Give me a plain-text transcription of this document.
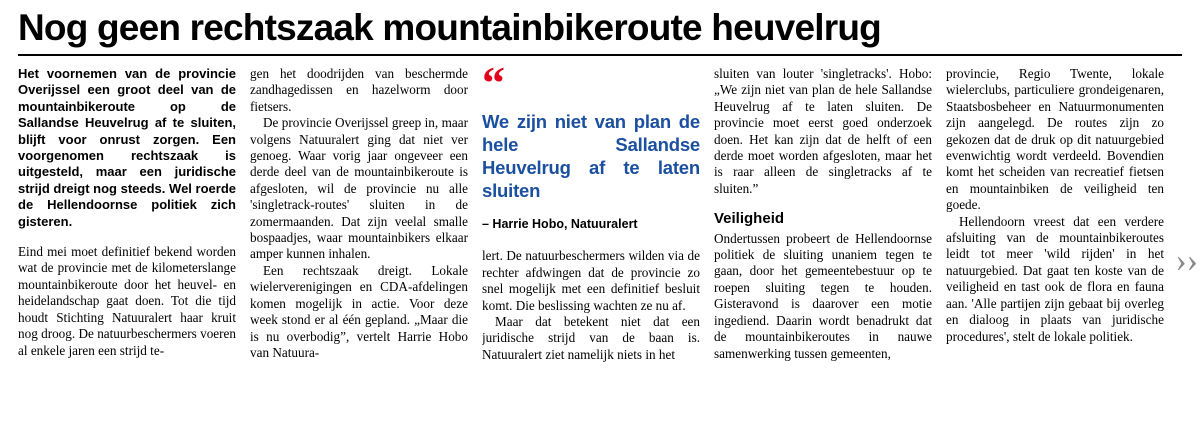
Nog geen rechtszaak mountainbikeroute heuvelrug

Het voornemen van de provincie Overijssel een groot deel van de mountainbikeroute op de Sallandse Heuvelrug af te sluiten, blijft voor onrust zorgen. Een voorgenomen rechtszaak is uitgesteld, maar een juridische strijd dreigt nog steeds. Wel roerde de Hellendoornse politiek zich gisteren.

Eind mei moet definitief bekend worden wat de provincie met de kilometerslange mountainbikeroute door het heuvel- en heidelandschap gaat doen. Tot die tijd houdt Stichting Natuuralert haar kruit nog droog. De natuurbeschermers voeren al enkele jaren een strijd te-

gen het doodrijden van beschermde zandhagedissen en hazelworm door fietsers.

De provincie Overijssel greep in, maar volgens Natuuralert ging dat niet ver genoeg. Waar vorig jaar ongeveer een derde deel van de mountainbikeroute is afgesloten, wil de provincie nu alle 'singletrack-routes' sluiten in de zomermaanden. Dat zijn veelal smalle bospaadjes, waar mountainbikers elkaar amper kunnen inhalen.

Een rechtszaak dreigt. Lokale wielerverenigingen en CDA-afdelingen komen mogelijk in actie. Voor deze week stond er al één gepland. „Maar die is nu overbodig”, vertelt Harrie Hobo van Natuura-

“
We zijn niet van plan de hele Sallandse Heuvelrug af te laten sluiten
– Harrie Hobo, Natuuralert

lert. De natuurbeschermers wilden via de rechter afdwingen dat de provincie zo snel mogelijk met een definitief besluit komt. Die beslissing wachten ze nu af.

Maar dat betekent niet dat een juridische strijd van de baan is. Natuuralert ziet namelijk niets in het

sluiten van louter 'singletracks'. Hobo: „We zijn niet van plan de hele Sallandse Heuvelrug af te laten sluiten. De provincie moet eerst goed onderzoek doen. Het kan zijn dat de helft of een derde moet worden afgesloten, maar het is raar alleen de singletracks af te sluiten.”

Veiligheid

Ondertussen probeert de Hellendoornse politiek de sluiting unaniem tegen te gaan, door het gemeentebestuur op te roepen sluiting tegen te houden. Gisteravond is daarover een motie ingediend. Daarin wordt benadrukt dat de mountainbikeroutes in nauwe samenwerking tussen gemeenten,

provincie, Regio Twente, lokale wielerclubs, particuliere grondeigenaren, Staatsbosbeheer en Natuurmonumenten zijn aangelegd. De routes zijn zo gekozen dat de druk op dit natuurgebied evenwichtig wordt verdeeld. Bovendien komt het scheiden van recreatief fietsen en mountainbiken de veiligheid ten goede.

Hellendoorn vreest dat een verdere afsluiting van de mountainbikeroutes leidt tot meer 'wild rijden' in het natuurgebied. Dat gaat ten koste van de veiligheid en tast ook de flora en fauna aan. 'Alle partijen zijn gebaat bij overleg en dialoog in plaats van juridische procedures', stelt de lokale politiek.

› ›
